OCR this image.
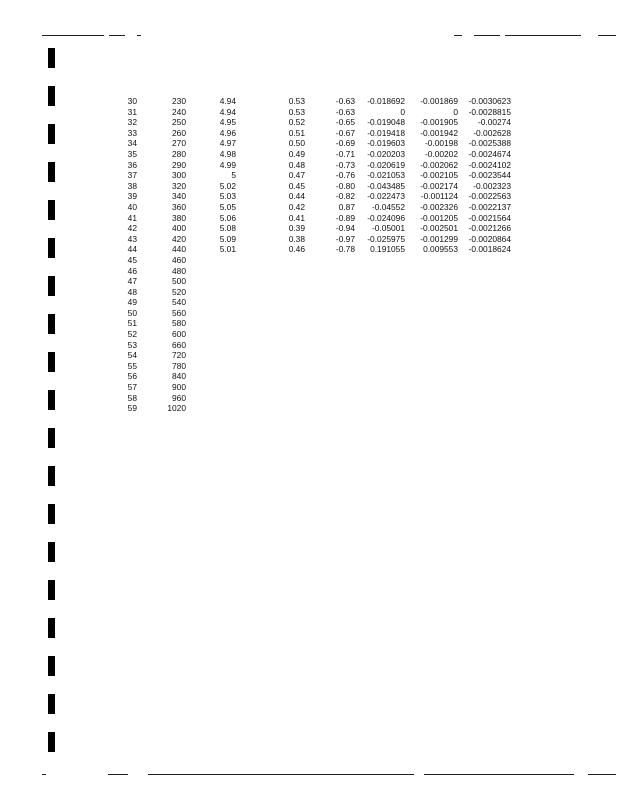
30	230	4.94	0.53	-0.63	-0.018692	-0.001869	-0.0030623
31	240	4.94	0.53	-0.63	0	0	-0.0028815
32	250	4.95	0.52	-0.65	-0.019048	-0.001905	-0.00274
33	260	4.96	0.51	-0.67	-0.019418	-0.001942	-0.002628
34	270	4.97	0.50	-0.69	-0.019603	-0.00198	-0.0025388
35	280	4.98	0.49	-0.71	-0.020203	-0.00202	-0.0024674
36	290	4.99	0.48	-0.73	-0.020619	-0.002062	-0.0024102
37	300	5	0.47	-0.76	-0.021053	-0.002105	-0.0023544
38	320	5.02	0.45	-0.80	-0.043485	-0.002174	-0.002323
39	340	5.03	0.44	-0.82	-0.022473	-0.001124	-0.0022563
40	360	5.05	0.42	0.87	-0.04552	-0.002326	-0.0022137
41	380	5.06	0.41	-0.89	-0.024096	-0.001205	-0.0021564
42	400	5.08	0.39	-0.94	-0.05001	-0.002501	-0.0021266
43	420	5.09	0.38	-0.97	-0.025975	-0.001299	-0.0020864
44	440	5.01	0.46	-0.78	0.191055	0.009553	-0.0018624
45	460						
46	480						
47	500						
48	520						
49	540						
50	560						
51	580						
52	600						
53	660						
54	720						
55	780						
56	840						
57	900						
58	960						
59	1020						
